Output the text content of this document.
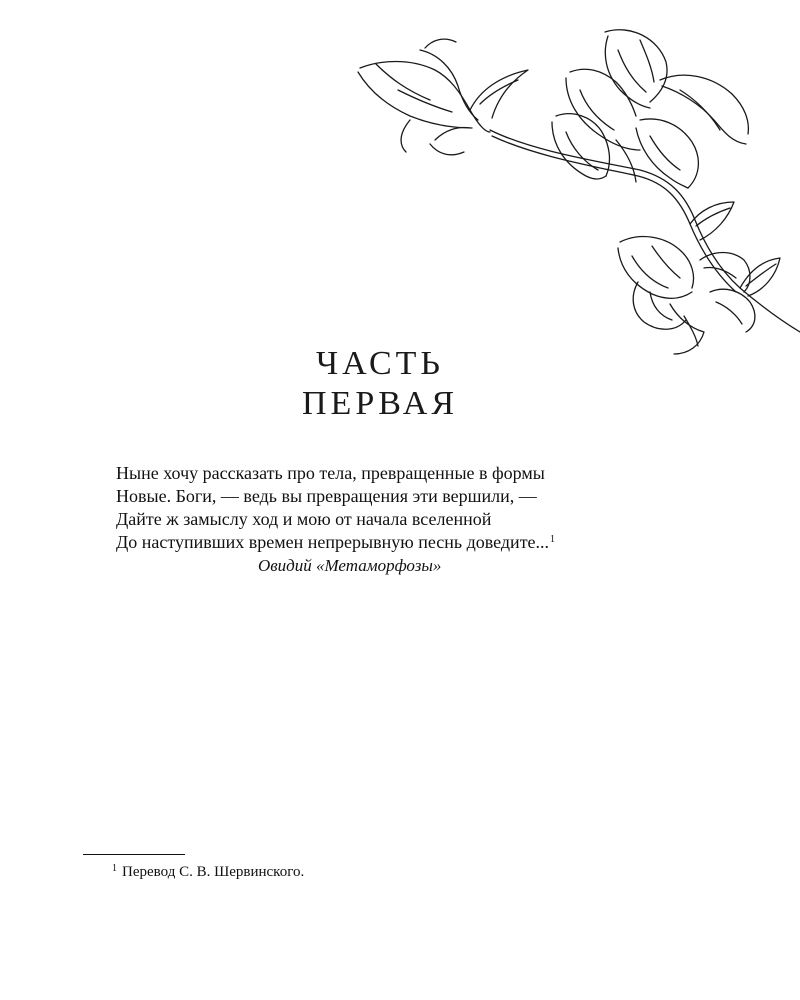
ЧАСТЬ
ПЕРВАЯ
Ныне хочу рассказать про тела, превращенные в формы
Новые. Боги, — ведь вы превращения эти вершили, —
Дайте ж замыслу ход и мою от начала вселенной
До наступивших времен непрерывную песнь доведите...$^1$
Овидий «Метаморфозы»
$^1$ Перевод С. В. Шервинского.
